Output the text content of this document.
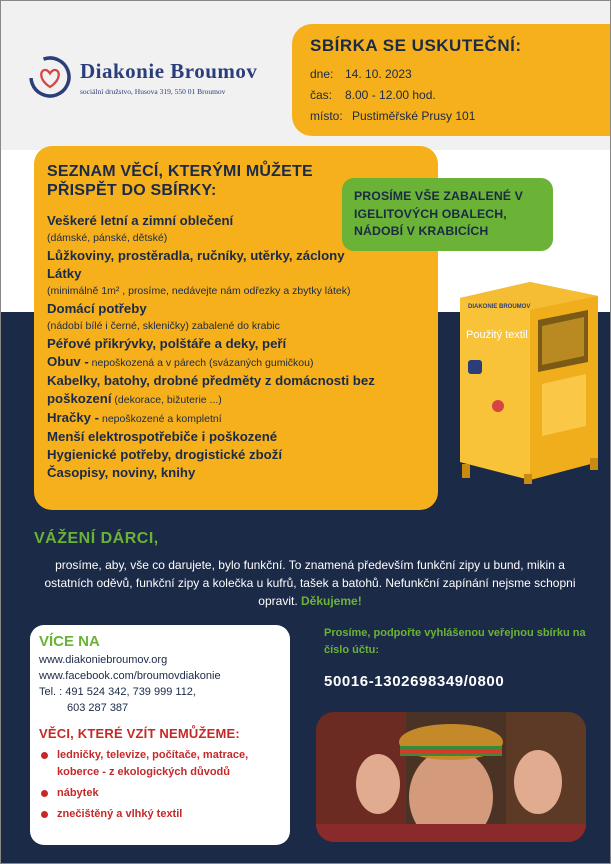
Diakonie Broumov
sociální družstvo, Husova 319, 550 01 Broumov
SBÍRKA SE USKUTEČNÍ:
dne: 14. 10. 2023
čas: 8.00 - 12.00 hod.
místo: Pustiměřské Prusy 101
SEZNAM VĚCÍ, KTERÝMI MŮŽETE PŘISPĚT DO SBÍRKY:
Veškeré letní a zimní oblečení
(dámské, pánské, dětské)
Lůžkoviny, prostěradla, ručníky, utěrky, záclony
Látky
(minimálně 1m² , prosíme, nedávejte nám odřezky a zbytky látek)
Domácí potřeby
(nádobí bílé i černé, skleničky) zabalené do krabic
Péřové přikrývky, polštáře a deky, peří
Obuv - nepoškozená a v párech (svázaných gumičkou)
Kabelky, batohy, drobné předměty z domácnosti bez
poškození (dekorace, bižuterie ...)
Hračky - nepoškozené a kompletní
Menší elektrospotřebiče i poškozené
Hygienické potřeby, drogistické zboží
Časopisy, noviny, knihy

PROSÍME VŠE ZABALENÉ V IGELITOVÝCH OBALECH, NÁDOBÍ V KRABICÍCH

DIAKONIE BROUMOV
Použitý textil
VÁŽENÍ DÁRCI,
prosíme, aby, vše co darujete, bylo funkční. To znamená především funkční zipy u bund, mikin a ostatních oděvů, funkční zipy a kolečka u kufrů, tašek a batohů. Nefunkční zapínání nejsme schopni opravit. Děkujeme!
VÍCE NA
www.diakoniebroumov.org
www.facebook.com/broumovdiakonie
Tel. : 491 524 342, 739 999 112,
603 287 387
VĚCI, KTERÉ VZÍT NEMŮŽEME:
ledničky, televize, počítače, matrace, koberce - z ekologických důvodů
nábytek
znečištěný a vlhký textil
Prosíme, podpořte vyhlášenou veřejnou sbírku na číslo účtu:
50016-1302698349/0800
